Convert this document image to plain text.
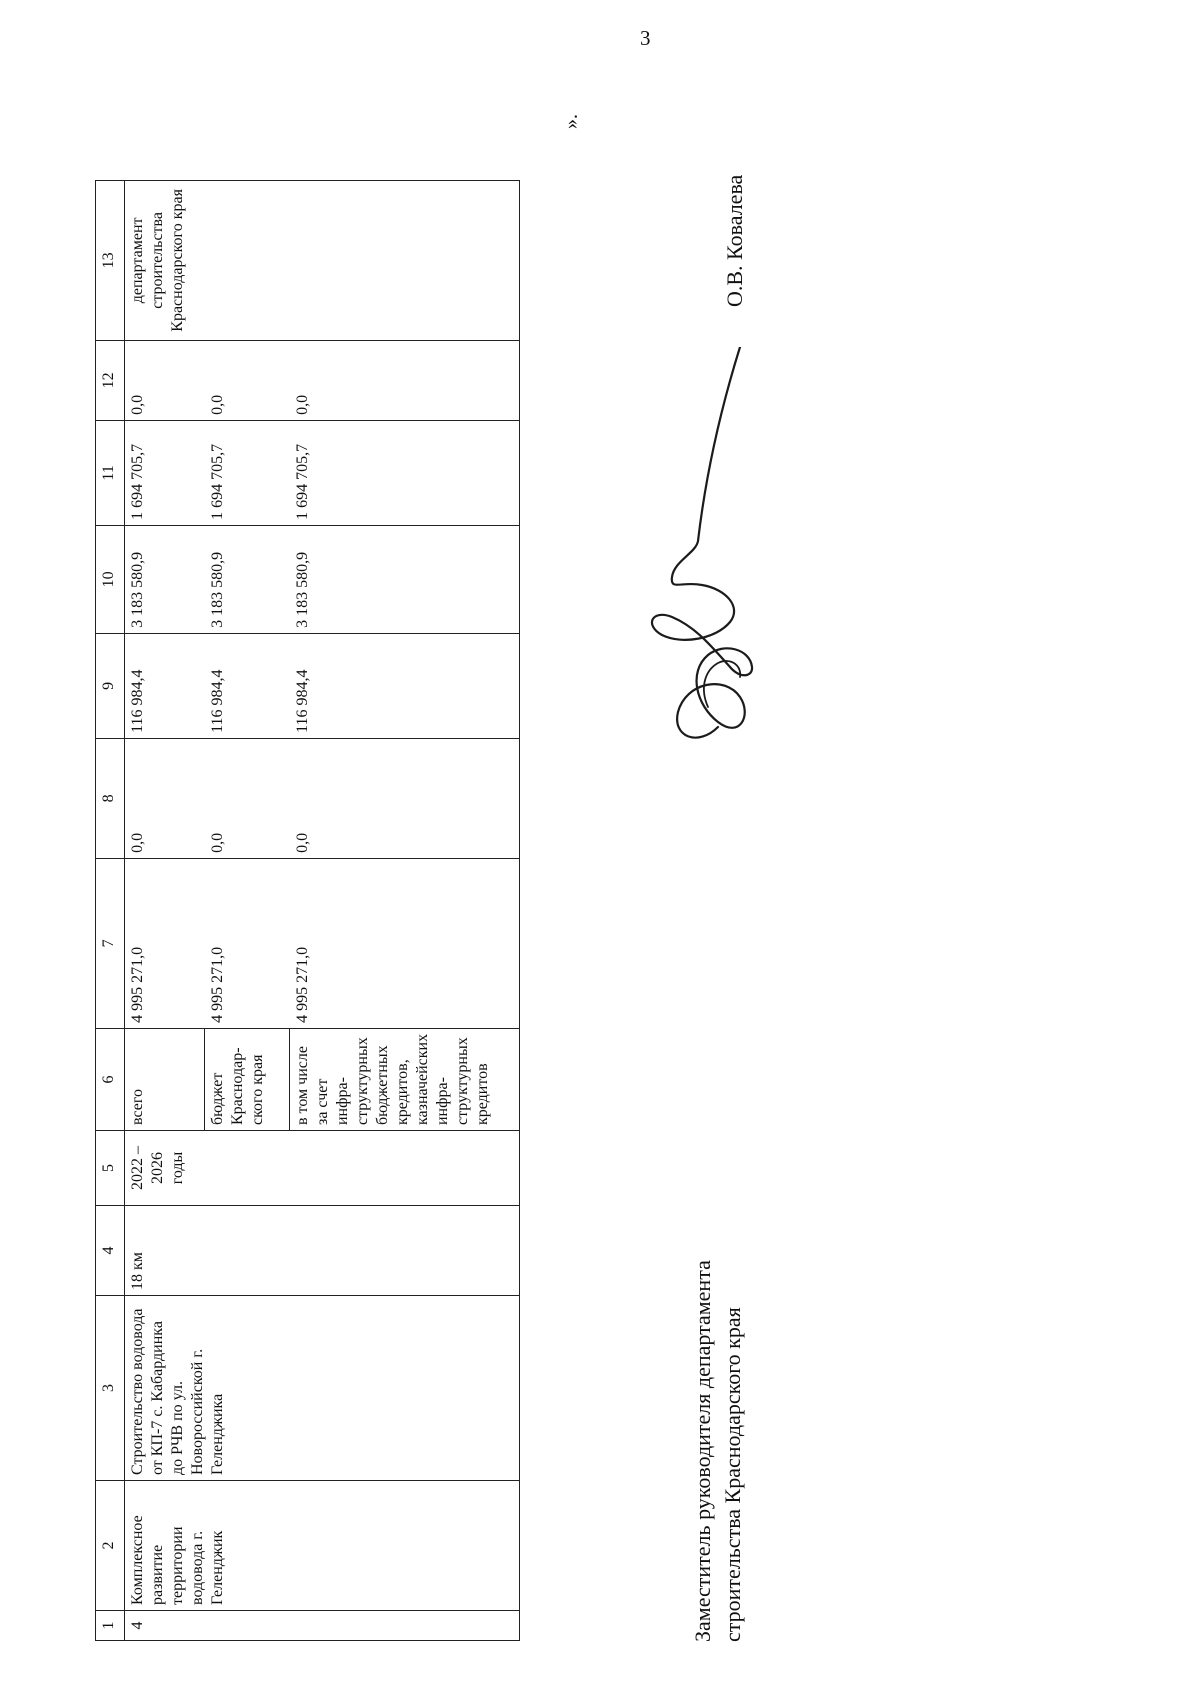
3
1	2	3	4	5	6	7	8	9	10	11	12	13
4	Комплексное развитие территории водовода г. Геленджик	Строительство водовода от КП-7 с. Кабардинка до РЧВ по ул. Новороссийской г. Геленджика	18 км	2022 – 2026 годы	всего	4 995 271,0	0,0	116 984,4	3 183 580,9	1 694 705,7	0,0	департамент строительства Краснодарского края
					бюджет Краснодар-ского края	4 995 271,0	0,0	116 984,4	3 183 580,9	1 694 705,7	0,0	
					в том числе за счет инфра-структурных бюджетных кредитов, казначейских инфра-структурных кредитов	4 995 271,0	0,0	116 984,4	3 183 580,9	1 694 705,7	0,0	
».
Заместитель руководителя департамента строительства Краснодарского края
О.В. Ковалева
